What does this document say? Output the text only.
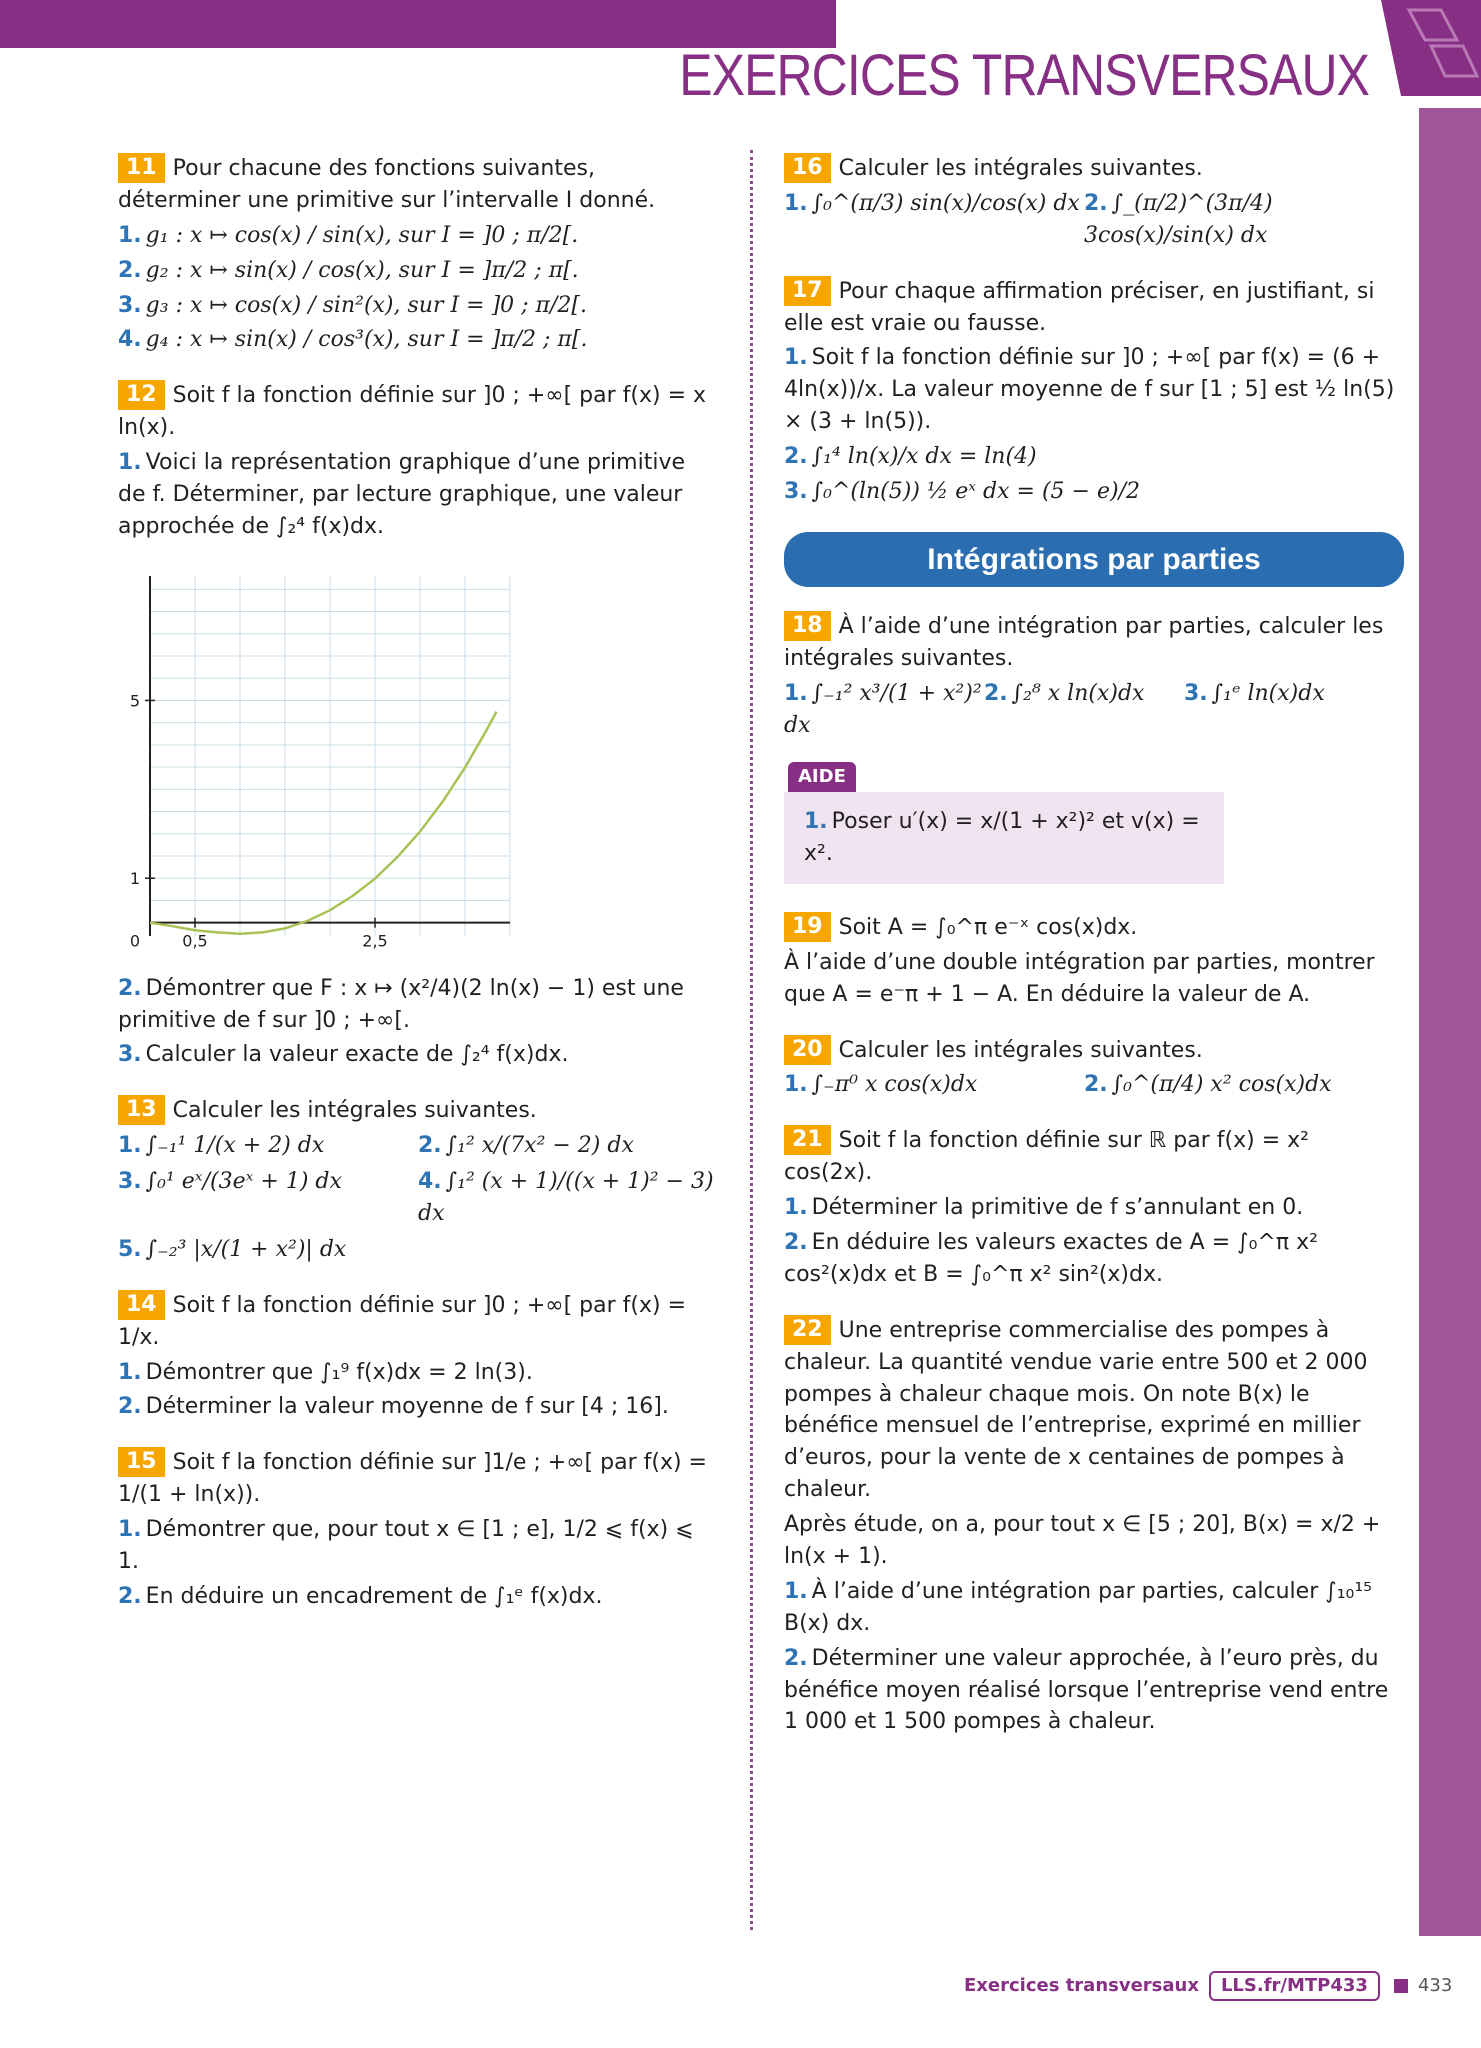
EXERCICES TRANSVERSAUX

11 Pour chacune des fonctions suivantes, déterminer une primitive sur l’intervalle I donné.

1. g₁ : x ↦ cos(x) / sin(x), sur I = ]0 ; π/2[.

2. g₂ : x ↦ sin(x) / cos(x), sur I = ]π/2 ; π[.

3. g₃ : x ↦ cos(x) / sin²(x), sur I = ]0 ; π/2[.

4. g₄ : x ↦ sin(x) / cos³(x), sur I = ]π/2 ; π[.

12 Soit f la fonction définie sur ]0 ; +∞[ par f(x) = x ln(x).

1. Voici la représentation graphique d’une primitive de f. Déterminer, par lecture graphique, une valeur approchée de ∫₂⁴ f(x)dx.

0,5	2,5
1
5
0

2. Démontrer que F : x ↦ (x²/4)(2 ln(x) − 1) est une primitive de f sur ]0 ; +∞[.

3. Calculer la valeur exacte de ∫₂⁴ f(x)dx.

13 Calculer les intégrales suivantes.

1. ∫₋₁¹ 1/(x + 2) dx	2. ∫₁² x/(7x² − 2) dx
3. ∫₀¹ eˣ/(3eˣ + 1) dx	4. ∫₁² (x + 1)/((x + 1)² − 3) dx
5. ∫₋₂³ |x/(1 + x²)| dx

14 Soit f la fonction définie sur ]0 ; +∞[ par f(x) = 1/x.

1. Démontrer que ∫₁⁹ f(x)dx = 2 ln(3).

2. Déterminer la valeur moyenne de f sur [4 ; 16].

15 Soit f la fonction définie sur ]1/e ; +∞[ par f(x) = 1/(1 + ln(x)).

1. Démontrer que, pour tout x ∈ [1 ; e], 1/2 ⩽ f(x) ⩽ 1.

2. En déduire un encadrement de ∫₁ᵉ f(x)dx.

16 Calculer les intégrales suivantes.

1. ∫₀^(π/3) sin(x)/cos(x) dx 2. ∫_(π/2)^(3π/4) 3cos(x)/sin(x) dx

17 Pour chaque affirmation préciser, en justifiant, si elle est vraie ou fausse.

1. Soit f la fonction définie sur ]0 ; +∞[ par f(x) = (6 + 4ln(x))/x. La valeur moyenne de f sur [1 ; 5] est ½ ln(5) × (3 + ln(5)).

2. ∫₁⁴ ln(x)/x dx = ln(4)

3. ∫₀^(ln(5)) ½ eˣ dx = (5 − e)/2

Intégrations par parties

18 À l’aide d’une intégration par parties, calculer les intégrales suivantes.

1. ∫₋₁² x³/(1 + x²)² dx
2. ∫₂⁸ x ln(x)dx	3. ∫₁ᵉ ln(x)dx
AIDE
1. Poser u′(x) = x/(1 + x²)² et v(x) = x².

19 Soit A = ∫₀^π e⁻ˣ cos(x)dx.

À l’aide d’une double intégration par parties, montrer que A = e⁻π + 1 − A. En déduire la valeur de A.

20 Calculer les intégrales suivantes.

1. ∫₋π⁰ x cos(x)dx	2. ∫₀^(π/4) x² cos(x)dx

21 Soit f la fonction définie sur ℝ par f(x) = x² cos(2x).

1. Déterminer la primitive de f s’annulant en 0.

2. En déduire les valeurs exactes de A = ∫₀^π x² cos²(x)dx et B = ∫₀^π x² sin²(x)dx.

22 Une entreprise commercialise des pompes à chaleur. La quantité vendue varie entre 500 et 2 000 pompes à chaleur chaque mois. On note B(x) le bénéfice mensuel de l’entreprise, exprimé en millier d’euros, pour la vente de x centaines de pompes à chaleur.

Après étude, on a, pour tout x ∈ [5 ; 20], B(x) = x/2 + ln(x + 1).

1. À l’aide d’une intégration par parties, calculer ∫₁₀¹⁵ B(x) dx.

2. Déterminer une valeur approchée, à l’euro près, du bénéfice moyen réalisé lorsque l’entreprise vend entre 1 000 et 1 500 pompes à chaleur.

Exercices transversaux	LLS.fr/MTP433	433
